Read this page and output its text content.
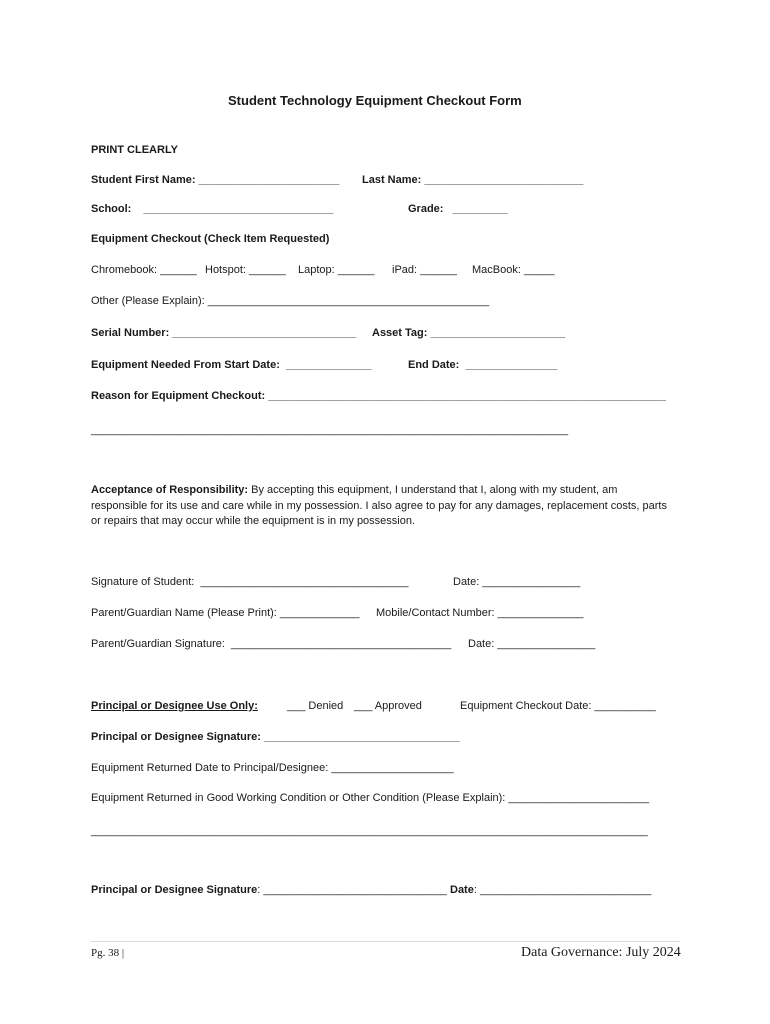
Student Technology Equipment Checkout Form
PRINT CLEARLY
Student First Name: _______________________ Last Name: __________________________
School:    _______________________________	Grade:   _________
Equipment Checkout (Check Item Requested)
Chromebook: ______ Hotspot: ______ Laptop: ______ iPad: ______ MacBook: _____
Other (Please Explain): ______________________________________________
Serial Number: ______________________________ Asset Tag: ______________________
Equipment Needed From Start Date:  ______________	End Date:  _______________
Reason for Equipment Checkout: _________________________________________________________________
______________________________________________________________________________
Acceptance of Responsibility: By accepting this equipment, I understand that I, along with my student, am responsible for its use and care while in my possession. I also agree to pay for any damages, replacement costs, parts or repairs that may occur while the equipment is in my possession.
Signature of Student:  __________________________________	Date: ________________
Parent/Guardian Name (Please Print): _____________ Mobile/Contact Number: ______________
Parent/Guardian Signature:  ____________________________________ Date: ________________
Principal or Designee Use Only:	___ Denied ___ Approved	Equipment Checkout Date: __________
Principal or Designee Signature: ________________________________
Equipment Returned Date to Principal/Designee: ____________________
Equipment Returned in Good Working Condition or Other Condition (Please Explain): _______________________
___________________________________________________________________________________________
Principal or Designee Signature: ______________________________ Date: ____________________________
Pg. 38 |	Data Governance: July 2024
